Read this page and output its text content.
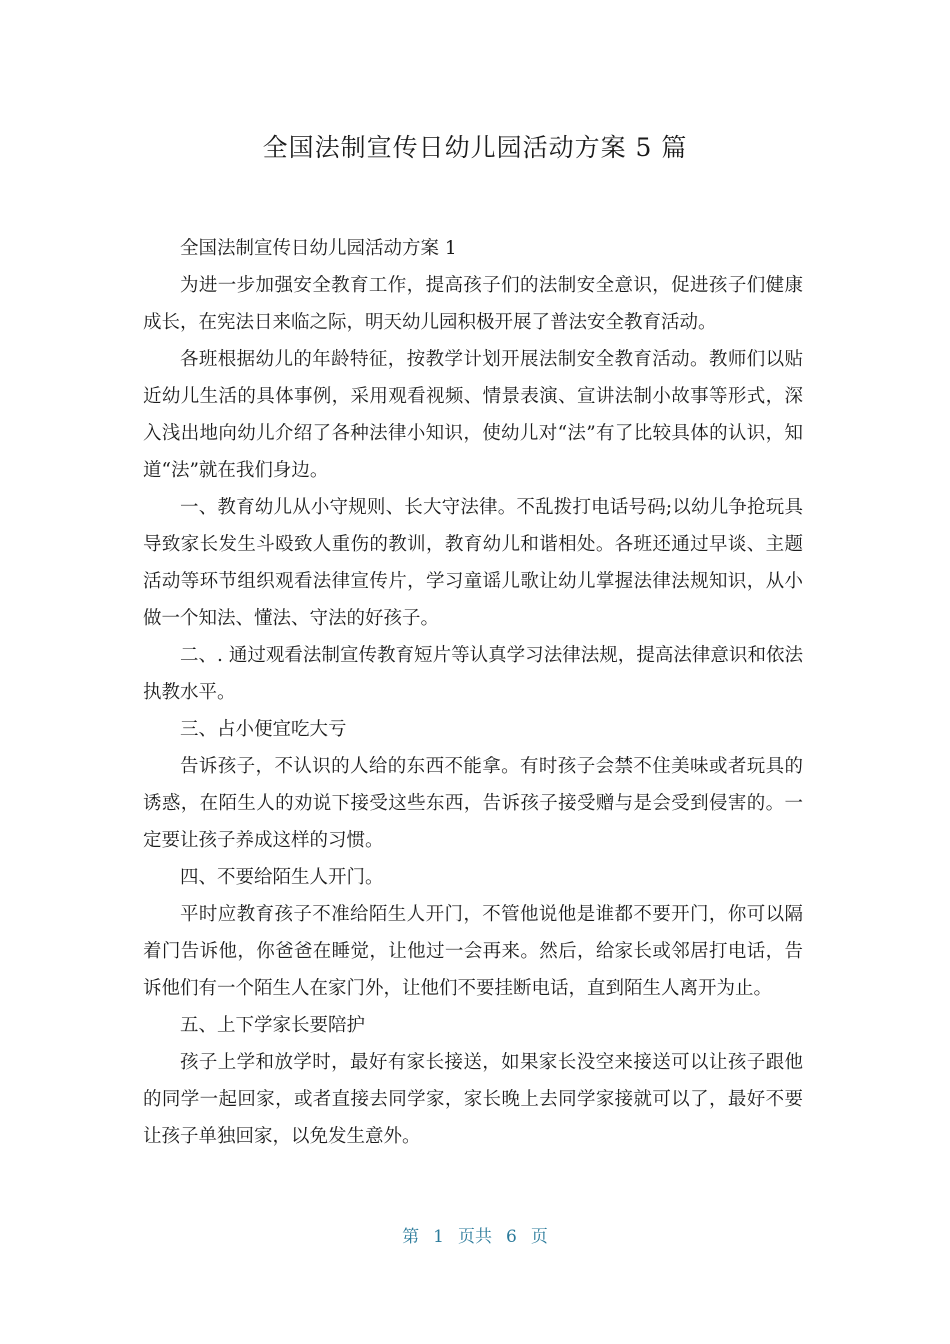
全国法制宣传日幼儿园活动方案 5 篇

全国法制宣传日幼儿园活动方案 1

为进一步加强安全教育工作，提高孩子们的法制安全意识，促进孩子们健康成长，在宪法日来临之际，明天幼儿园积极开展了普法安全教育活动。

各班根据幼儿的年龄特征，按教学计划开展法制安全教育活动。教师们以贴近幼儿生活的具体事例，采用观看视频、情景表演、宣讲法制小故事等形式，深入浅出地向幼儿介绍了各种法律小知识，使幼儿对“法”有了比较具体的认识，知道“法”就在我们身边。

一、教育幼儿从小守规则、长大守法律。不乱拨打电话号码;以幼儿争抢玩具导致家长发生斗殴致人重伤的教训，教育幼儿和谐相处。各班还通过早谈、主题活动等环节组织观看法律宣传片，学习童谣儿歌让幼儿掌握法律法规知识，从小做一个知法、懂法、守法的好孩子。

二、. 通过观看法制宣传教育短片等认真学习法律法规，提高法律意识和依法执教水平。

三、占小便宜吃大亏

告诉孩子，不认识的人给的东西不能拿。有时孩子会禁不住美味或者玩具的诱惑，在陌生人的劝说下接受这些东西，告诉孩子接受赠与是会受到侵害的。一定要让孩子养成这样的习惯。

四、不要给陌生人开门。

平时应教育孩子不准给陌生人开门，不管他说他是谁都不要开门，你可以隔着门告诉他，你爸爸在睡觉，让他过一会再来。然后，给家长或邻居打电话，告诉他们有一个陌生人在家门外，让他们不要挂断电话，直到陌生人离开为止。

五、上下学家长要陪护

孩子上学和放学时，最好有家长接送，如果家长没空来接送可以让孩子跟他的同学一起回家，或者直接去同学家，家长晚上去同学家接就可以了，最好不要让孩子单独回家，以免发生意外。

第 1 页共 6 页
